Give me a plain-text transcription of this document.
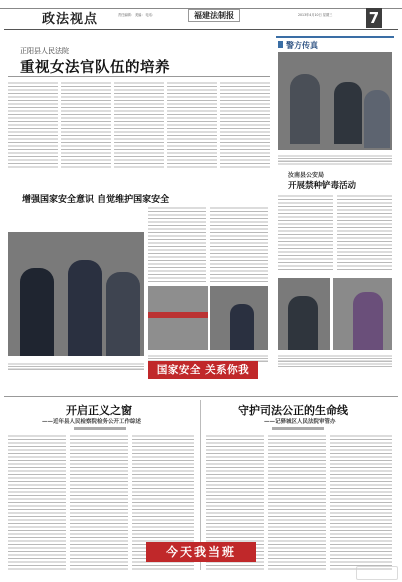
政法视点	责任编辑： 美编： 电话：	福建法制报	2013年4月10日 星期三 7
正阳县人民法院
重视女法官队伍的培养
警方传真
汝南县公安局
开展禁种铲毒活动
增强国家安全意识 自觉维护国家安全
国家安全 关系你我
开启正义之窗
——近年县人民检察院检务公开工作综述
守护司法公正的生命线
——记驿城区人民法院审管办
今天我当班
